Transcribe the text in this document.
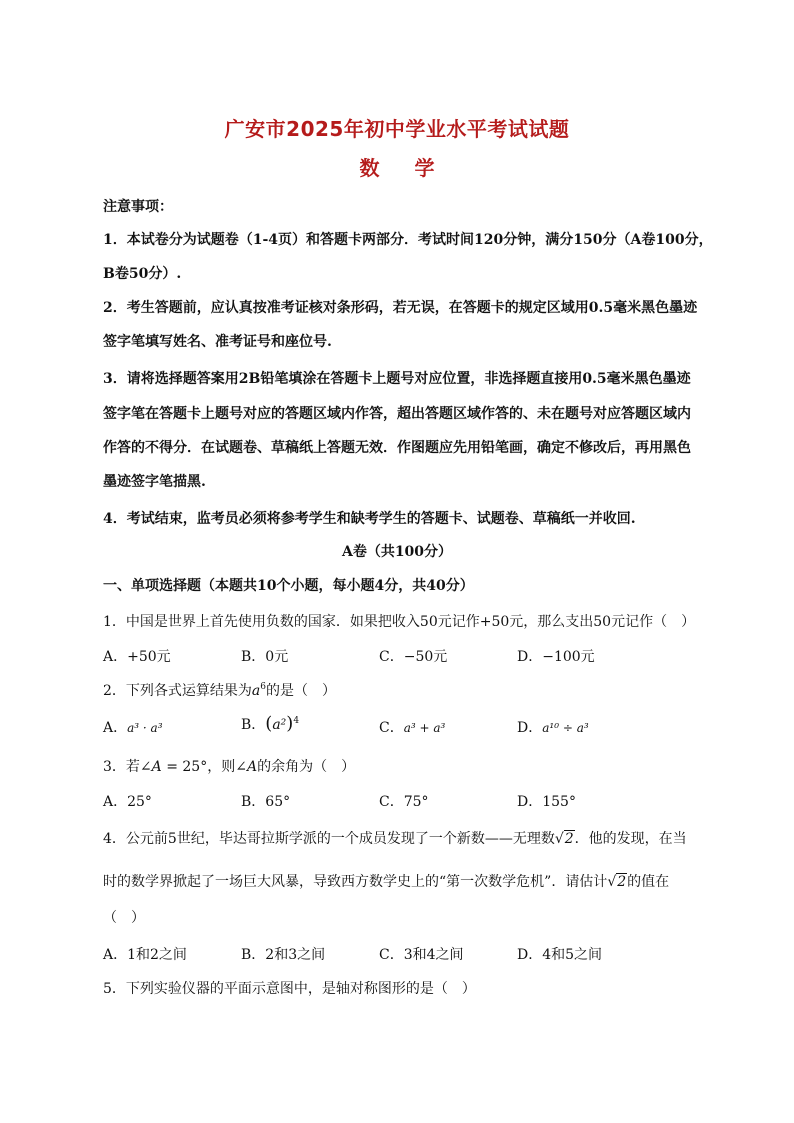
广安市2025年初中学业水平考试试题
数 学
注意事项：
1．本试卷分为试题卷（1-4页）和答题卡两部分．考试时间120分钟，满分150分（A卷100分，
B卷50分）.
2．考生答题前，应认真按准考证核对条形码，若无误，在答题卡的规定区域用0.5毫米黑色墨迹
签字笔填写姓名、准考证号和座位号.
3．请将选择题答案用2B铅笔填涂在答题卡上题号对应位置，非选择题直接用0.5毫米黑色墨迹
签字笔在答题卡上题号对应的答题区域内作答，超出答题区域作答的、未在题号对应答题区域内
作答的不得分．在试题卷、草稿纸上答题无效．作图题应先用铅笔画，确定不修改后，再用黑色
墨迹签字笔描黑.
4．考试结束，监考员必须将参考学生和缺考学生的答题卡、试题卷、草稿纸一并收回.
A卷（共100分）
一、单项选择题（本题共10个小题，每小题4分，共40分）
1．中国是世界上首先使用负数的国家．如果把收入50元记作+50元，那么支出50元记作（　）
A．+50元	B．0元	C．−50元	D．−100元
2．下列各式运算结果为$a^6$的是（　）
A．a³ · a³	B．$(a^2)^4$	C．a³ + a³	D．a¹⁰ ÷ a³
3．若∠A = 25°，则∠A的余角为（　）
A．25°	B．65°	C．75°	D．155°
4．公元前5世纪，毕达哥拉斯学派的一个成员发现了一个新数——无理数√2．他的发现，在当
时的数学界掀起了一场巨大风暴，导致西方数学史上的“第一次数学危机”．请估计√2的值在
（　）
A．1和2之间	B．2和3之间	C．3和4之间	D．4和5之间
5．下列实验仪器的平面示意图中，是轴对称图形的是（　）
